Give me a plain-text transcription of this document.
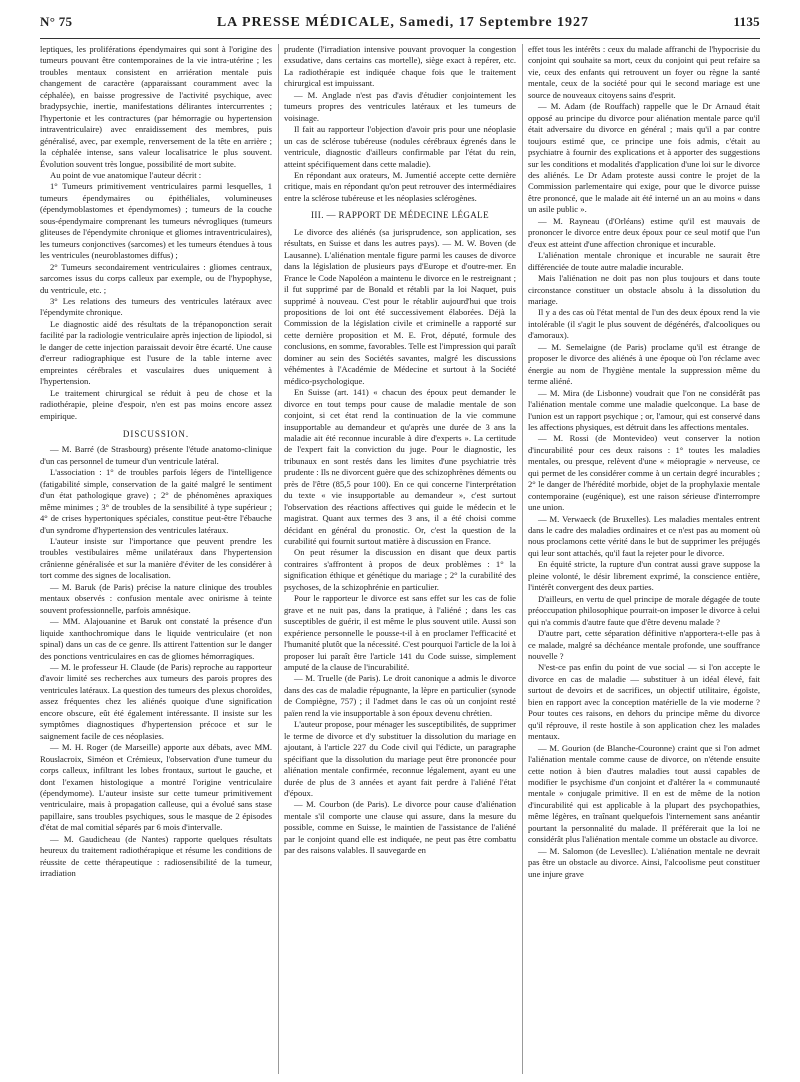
N° 75	LA PRESSE MÉDICALE, Samedi, 17 Septembre 1927	1135

leptiques, les proliférations épendymaires qui sont à l'origine des tumeurs pouvant être contemporaines de la vie intra-utérine ; les troubles mentaux consistent en arriération mentale puis changement de caractère (apparaissant couramment avec la céphalée), en baisse progressive de l'activité psychique, avec bradypsychie, inertie, manifestations délirantes intercurrentes ; l'hypertonie et les contractures (par hémorragie ou hypertension intraventriculaire) avec enraidissement des membres, puis généralisé, avec, par exemple, renversement de la tête en arrière ; la céphalée intense, sans valeur localisatrice le plus souvent. Évolution souvent très longue, possibilité de mort subite.

Au point de vue anatomique l'auteur décrit :

1° Tumeurs primitivement ventriculaires parmi lesquelles, 1 tumeurs épendymaires ou épithéliales, volumineuses (épendymoblastomes et épendymomes) ; tumeurs de la couche sous-épendymaire comprenant les tumeurs névrogliques (tumeurs gliteuses de l'épendymite chronique et gliomes intraventriculaires), les tumeurs conjonctives (sarcomes) et les tumeurs étendues à tous les ventricules (neuroblastomes diffus) ;

2° Tumeurs secondairement ventriculaires : gliomes centraux, sarcomes issus du corps calleux par exemple, ou de l'hypophyse, du ventricule, etc. ;

3° Les relations des tumeurs des ventricules latéraux avec l'épendymite chronique.

Le diagnostic aidé des résultats de la trépanoponction serait facilité par la radiologie ventriculaire après injection de lipiodol, si le danger de cette injection paraissait devoir être écarté. Une cause d'erreur radiographique est l'usure de la table interne avec empreintes cérébrales et vasculaires dues uniquement à l'hypertension.

Le traitement chirurgical se réduit à peu de chose et la radiothérapie, pleine d'espoir, n'en est pas moins encore assez empirique.

DISCUSSION.

— M. Barré (de Strasbourg) présente l'étude anatomo-clinique d'un cas personnel de tumeur d'un ventricule latéral.

L'association : 1° de troubles parfois légers de l'intelligence (fatigabilité simple, conservation de la gaité malgré le sentiment d'un état pathologique grave) ; 2° de phénomènes apraxiques même minimes ; 3° de troubles de la sensibilité à type supérieur ; 4° de crises hypertoniques spéciales, constitue peut-être l'ébauche d'un syndrome d'hypertension des ventricules latéraux.

L'auteur insiste sur l'importance que peuvent prendre les troubles vestibulaires même unilatéraux dans l'hypertension crânienne généralisée et sur la manière d'éviter de les considérer à tort comme des signes de localisation.

— M. Baruk (de Paris) précise la nature clinique des troubles mentaux observés : confusion mentale avec onirisme à teinte souvent professionnelle, parfois amnésique.

— MM. Alajouanine et Baruk ont constaté la présence d'un liquide xanthochromique dans le liquide ventriculaire (et non spinal) dans un cas de ce genre. Ils attirent l'attention sur le danger des ponctions ventriculaires en cas de gliomes hémorragiques.

— M. le professeur H. Claude (de Paris) reproche au rapporteur d'avoir limité ses recherches aux tumeurs des parois propres des ventricules latéraux. La question des tumeurs des plexus choroïdes, assez fréquentes chez les aliénés quoique d'une signification encore obscure, eût été également intéressante. Il insiste sur les symptômes diagnostiques d'hypertension précoce et sur le saignement facile de ces néoplasies.

— M. H. Roger (de Marseille) apporte aux débats, avec MM. Rouslacroix, Siméon et Crémieux, l'observation d'une tumeur du corps calleux, infiltrant les lobes frontaux, surtout le gauche, et dont l'examen histologique a montré l'origine ventriculaire (épendymome). L'auteur insiste sur cette tumeur primitivement ventriculaire, mais à propagation calleuse, qui a évolué sans stase papillaire, sans troubles psychiques, sous le masque de 2 épisodes d'état de mal comitial séparés par 6 mois d'intervalle.

— M. Gaudicheau (de Nantes) rapporte quelques résultats heureux du traitement radiothérapique et résume les conditions de réussite de cette thérapeutique : radiosensibilité de la tumeur, irradiation

prudente (l'irradiation intensive pouvant provoquer la congestion exsudative, dans certains cas mortelle), siège exact à repérer, etc. La radiothérapie est indiquée chaque fois que le traitement chirurgical est impuissant.

— M. Anglade n'est pas d'avis d'étudier conjointement les tumeurs propres des ventricules latéraux et les tumeurs de voisinage.

Il fait au rapporteur l'objection d'avoir pris pour une néoplasie un cas de sclérose tubéreuse (nodules cérébraux égrenés dans le ventricule, diagnostic d'ailleurs confirmable par l'état du rein, atteint spécifiquement dans cette maladie).

En répondant aux orateurs, M. Jumentié accepte cette dernière critique, mais en répondant qu'on peut retrouver des intermédiaires entre la sclérose tubéreuse et les néoplasies sclérogènes.

III. — RAPPORT DE MÉDECINE LÉGALE

Le divorce des aliénés (sa jurisprudence, son application, ses résultats, en Suisse et dans les autres pays). — M. W. Boven (de Lausanne). L'aliénation mentale figure parmi les causes de divorce dans la législation de plusieurs pays d'Europe et d'outre-mer. En France le Code Napoléon a maintenu le divorce en le restreignant ; il fut supprimé par de Bonald et rétabli par la loi Naquet, puis supprimé à nouveau. C'est pour le rétablir aujourd'hui que trois propositions de loi ont été successivement élaborées. Déjà la Commission de la législation civile et criminelle a rapporté sur cette dernière proposition et M. E. Frot, député, formule des conclusions, en somme, favorables. Telle est l'impression qui paraît dominer au sein des Sociétés savantes, malgré les discussions véhémentes à l'Académie de Médecine et surtout à la Société médico-psychologique.

En Suisse (art. 141) « chacun des époux peut demander le divorce en tout temps pour cause de maladie mentale de son conjoint, si cet état rend la continuation de la vie commune insupportable au demandeur et qu'après une durée de 3 ans la maladie ait été reconnue incurable à dire d'experts ». La certitude de l'expert fait la conviction du juge. Pour le diagnostic, les tribunaux en sont restés dans les limites d'une psychiatrie très prudente : Ils ne divorcent guère que des schizophrènes déments ou près de l'être (85,5 pour 100). En ce qui concerne l'interprétation du texte « vie insupportable au demandeur », c'est surtout l'observation des réactions affectives qui guide le médecin et le magistrat. Quant aux termes des 3 ans, il a été choisi comme décidant en général du pronostic. Or, c'est la question de la curabilité qui fournit surtout matière à discussion en France.

On peut résumer la discussion en disant que deux partis contraires s'affrontent à propos de deux problèmes : 1° la signification éthique et génétique du mariage ; 2° la curabilité des psychoses, de la schizophrénie en particulier.

Pour le rapporteur le divorce est sans effet sur les cas de folie grave et ne nuit pas, dans la pratique, à l'aliéné ; dans les cas susceptibles de guérir, il est même le plus souvent utile. Aussi son expérience personnelle le pousse-t-il à en proclamer l'efficacité et l'humanité plutôt que la nécessité. C'est pourquoi l'article de la loi à proposer lui paraît être l'article 141 du Code suisse, simplement amputé de la clause de l'incurabilité.

— M. Truelle (de Paris). Le droit canonique a admis le divorce dans des cas de maladie répugnante, la lèpre en particulier (synode de Compiègne, 757) ; il l'admet dans le cas où un conjoint resté païen rend la vie insupportable à son époux devenu chrétien.

L'auteur propose, pour ménager les susceptibilités, de supprimer le terme de divorce et d'y substituer la dissolution du mariage en ajoutant, à l'article 227 du Code civil qui l'édicte, un paragraphe spécifiant que la dissolution du mariage peut être prononcée pour aliénation mentale confirmée, reconnue légalement, ayant eu une durée de plus de 3 années et ayant fait perdre à l'aliéné l'état d'époux.

— M. Courbon (de Paris). Le divorce pour cause d'aliénation mentale s'il comporte une clause qui assure, dans la mesure du possible, comme en Suisse, le maintien de l'assistance de l'aliéné par le conjoint quand elle est indiquée, ne peut pas être combattu par des raisons valables. Il sauvegarde en

effet tous les intérêts : ceux du malade affranchi de l'hypocrisie du conjoint qui souhaite sa mort, ceux du conjoint qui peut refaire sa vie, ceux des enfants qui retrouvent un foyer ou règne la santé mentale, ceux de la société pour qui le second mariage est une source de nouveaux citoyens sains d'esprit.

— M. Adam (de Rouffach) rappelle que le Dr Arnaud était opposé au principe du divorce pour aliénation mentale parce qu'il était adversaire du divorce en général ; mais qu'il a par contre toujours estimé que, ce principe une fois admis, c'était au psychiatre à fournir des explications et à apporter des suggestions sur les conditions et modalités d'application d'une loi sur le divorce des aliénés. Le Dr Adam proteste aussi contre le projet de la Commission parlementaire qui exige, pour que le divorce puisse être prononcé, que le malade ait été interné un an au moins « dans un asile public ».

— M. Rayneau (d'Orléans) estime qu'il est mauvais de prononcer le divorce entre deux époux pour ce seul motif que l'un d'eux est atteint d'une affection chronique et incurable.

L'aliénation mentale chronique et incurable ne saurait être différenciée de toute autre maladie incurable.

Mais l'aliénation ne doit pas non plus toujours et dans toute circonstance constituer un obstacle absolu à la dissolution du mariage.

Il y a des cas où l'état mental de l'un des deux époux rend la vie intolérable (il s'agit le plus souvent de dégénérés, d'alcooliques ou d'amoraux).

— M. Semelaigne (de Paris) proclame qu'il est étrange de proposer le divorce des aliénés à une époque où l'on réclame avec énergie au nom de l'hygiène mentale la suppression même du terme aliéné.

— M. Mira (de Lisbonne) voudrait que l'on ne considérât pas l'aliénation mentale comme une maladie quelconque. La base de l'union est un rapport psychique ; or, l'amour, qui est conservé dans les affections physiques, est détruit dans les affections mentales.

— M. Rossi (de Montevideo) veut conserver la notion d'incurabilité pour ces deux raisons : 1° toutes les maladies mentales, ou presque, relèvent d'une « méiopragie » nerveuse, ce qui permet de les considérer comme à un certain degré incurables ; 2° le danger de l'hérédité morbide, objet de la prophylaxie mentale contemporaine (eugénique), est une raison sérieuse d'interrompre une union.

— M. Verwaeck (de Bruxelles). Les maladies mentales entrent dans le cadre des maladies ordinaires et ce n'est pas au moment où nous proclamons cette vérité dans le but de supprimer les préjugés qui leur sont attachés, qu'il faut la rejeter pour le divorce.

En équité stricte, la rupture d'un contrat aussi grave suppose la pleine volonté, le désir librement exprimé, la conscience entière, l'intérêt convergent des deux parties.

D'ailleurs, en vertu de quel principe de morale dégagée de toute préoccupation philosophique pourrait-on imposer le divorce à celui qui n'a commis d'autre faute que d'être devenu malade ?

D'autre part, cette séparation définitive n'apportera-t-elle pas à ce malade, malgré sa déchéance mentale profonde, une souffrance nouvelle ?

N'est-ce pas enfin du point de vue social — si l'on accepte le divorce en cas de maladie — substituer à un idéal élevé, fait surtout de devoirs et de sacrifices, un objectif utilitaire, égoïste, bien en rapport avec la conception matérielle de la vie moderne ? Pour toutes ces raisons, en dehors du principe même du divorce qu'il réprouve, il reste hostile à son application chez les malades mentaux.

— M. Gourion (de Blanche-Couronne) craint que si l'on admet l'aliénation mentale comme cause de divorce, on n'étende ensuite cette notion à bien d'autres maladies tout aussi capables de modifier le psychisme d'un conjoint et d'altérer la « communauté mentale » conjugale primitive. Il en est de même de la notion d'incurabilité qui est applicable à la plupart des psychopathies, même légères, en traînant quelquefois l'internement sans anéantir pourtant la personnalité du malade. Il préférerait que la loi ne considérât plus l'aliénation mentale comme un obstacle au divorce.

— M. Salomon (de Levesllec). L'aliénation mentale ne devrait pas être un obstacle au divorce. Ainsi, l'alcoolisme peut constituer une injure grave
